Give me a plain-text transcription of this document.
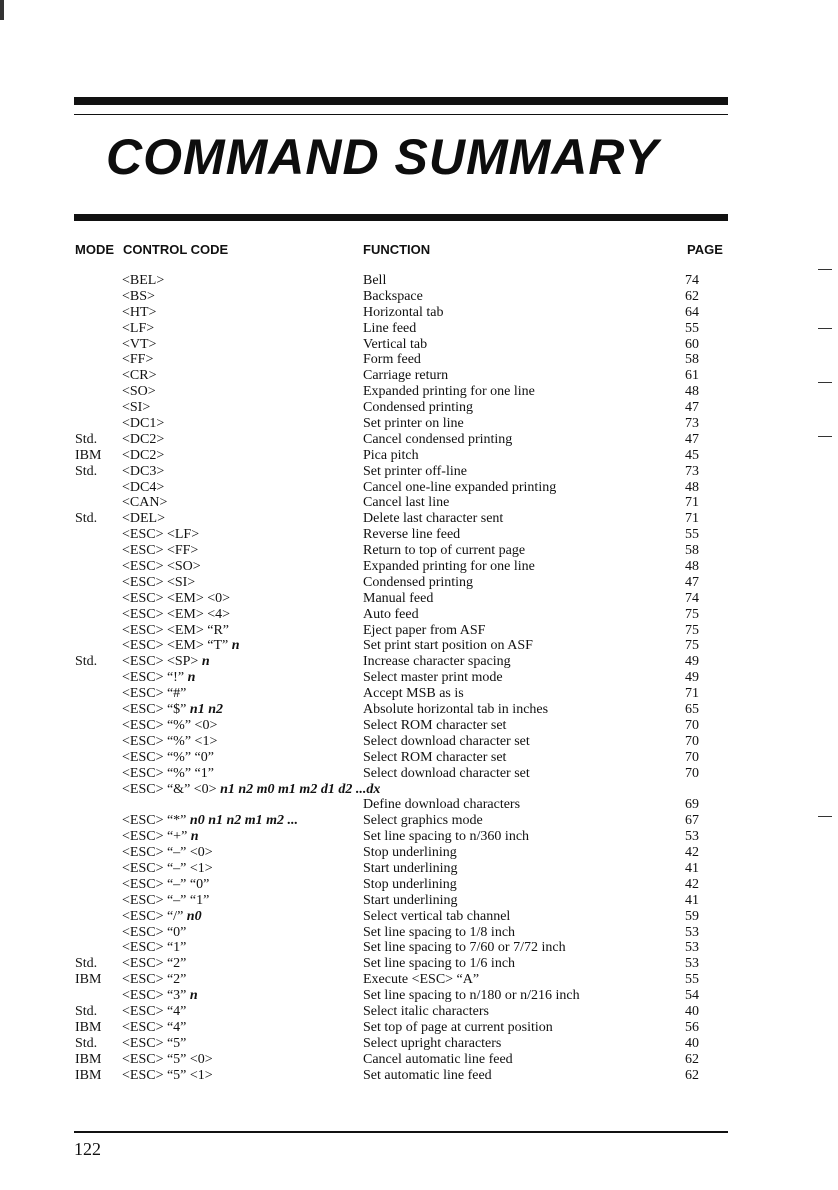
COMMAND SUMMARY
MODE CONTROL CODE	FUNCTION	PAGE
<BEL>	Bell	74
<BS>	Backspace	62
<HT>	Horizontal tab	64
<LF>	Line feed	55
<VT>	Vertical tab	60
<FF>	Form feed	58
<CR>	Carriage return	61
<SO>	Expanded printing for one line	48
<SI>	Condensed printing	47
<DC1>	Set printer on line	73
Std. <DC2>	Cancel condensed printing	47
IBM <DC2>	Pica pitch	45
Std. <DC3>	Set printer off-line	73
<DC4>	Cancel one-line expanded printing	48
<CAN>	Cancel last line	71
Std. <DEL>	Delete last character sent	71
<ESC> <LF>	Reverse line feed	55
<ESC> <FF>	Return to top of current page	58
<ESC> <SO>	Expanded printing for one line	48
<ESC> <SI>	Condensed printing	47
<ESC> <EM> <0>	Manual feed	74
<ESC> <EM> <4>	Auto feed	75
<ESC> <EM> “R”	Eject paper from ASF	75
<ESC> <EM> “T” n	Set print start position on ASF	75
Std. <ESC> <SP> n	Increase character spacing	49
<ESC> “!” n	Select master print mode	49
<ESC> “#”	Accept MSB as is	71
<ESC> “$” n1 n2	Absolute horizontal tab in inches	65
<ESC> “%” <0>	Select ROM character set	70
<ESC> “%” <1>	Select download character set	70
<ESC> “%” “0”	Select ROM character set	70
<ESC> “%” “1”	Select download character set	70
<ESC> “&” <0> n1 n2 m0 m1 m2 d1 d2 ...dx
Define download characters	69
<ESC> “*” n0 n1 n2 m1 m2 ...	Select graphics mode	67
<ESC> “+” n	Set line spacing to n/360 inch	53
<ESC> “–” <0>	Stop underlining	42
<ESC> “–” <1>	Start underlining	41
<ESC> “–” “0”	Stop underlining	42
<ESC> “–” “1”	Start underlining	41
<ESC> “/” n0	Select vertical tab channel	59
<ESC> “0”	Set line spacing to 1/8 inch	53
<ESC> “1”	Set line spacing to 7/60 or 7/72 inch	53
Std. <ESC> “2”	Set line spacing to 1/6 inch	53
IBM <ESC> “2”	Execute <ESC> “A”	55
<ESC> “3” n	Set line spacing to n/180 or n/216 inch	54
Std. <ESC> “4”	Select italic characters	40
IBM <ESC> “4”	Set top of page at current position	56
Std. <ESC> “5”	Select upright characters	40
IBM <ESC> “5” <0>	Cancel automatic line feed	62
IBM <ESC> “5” <1>	Set automatic line feed	62
122
